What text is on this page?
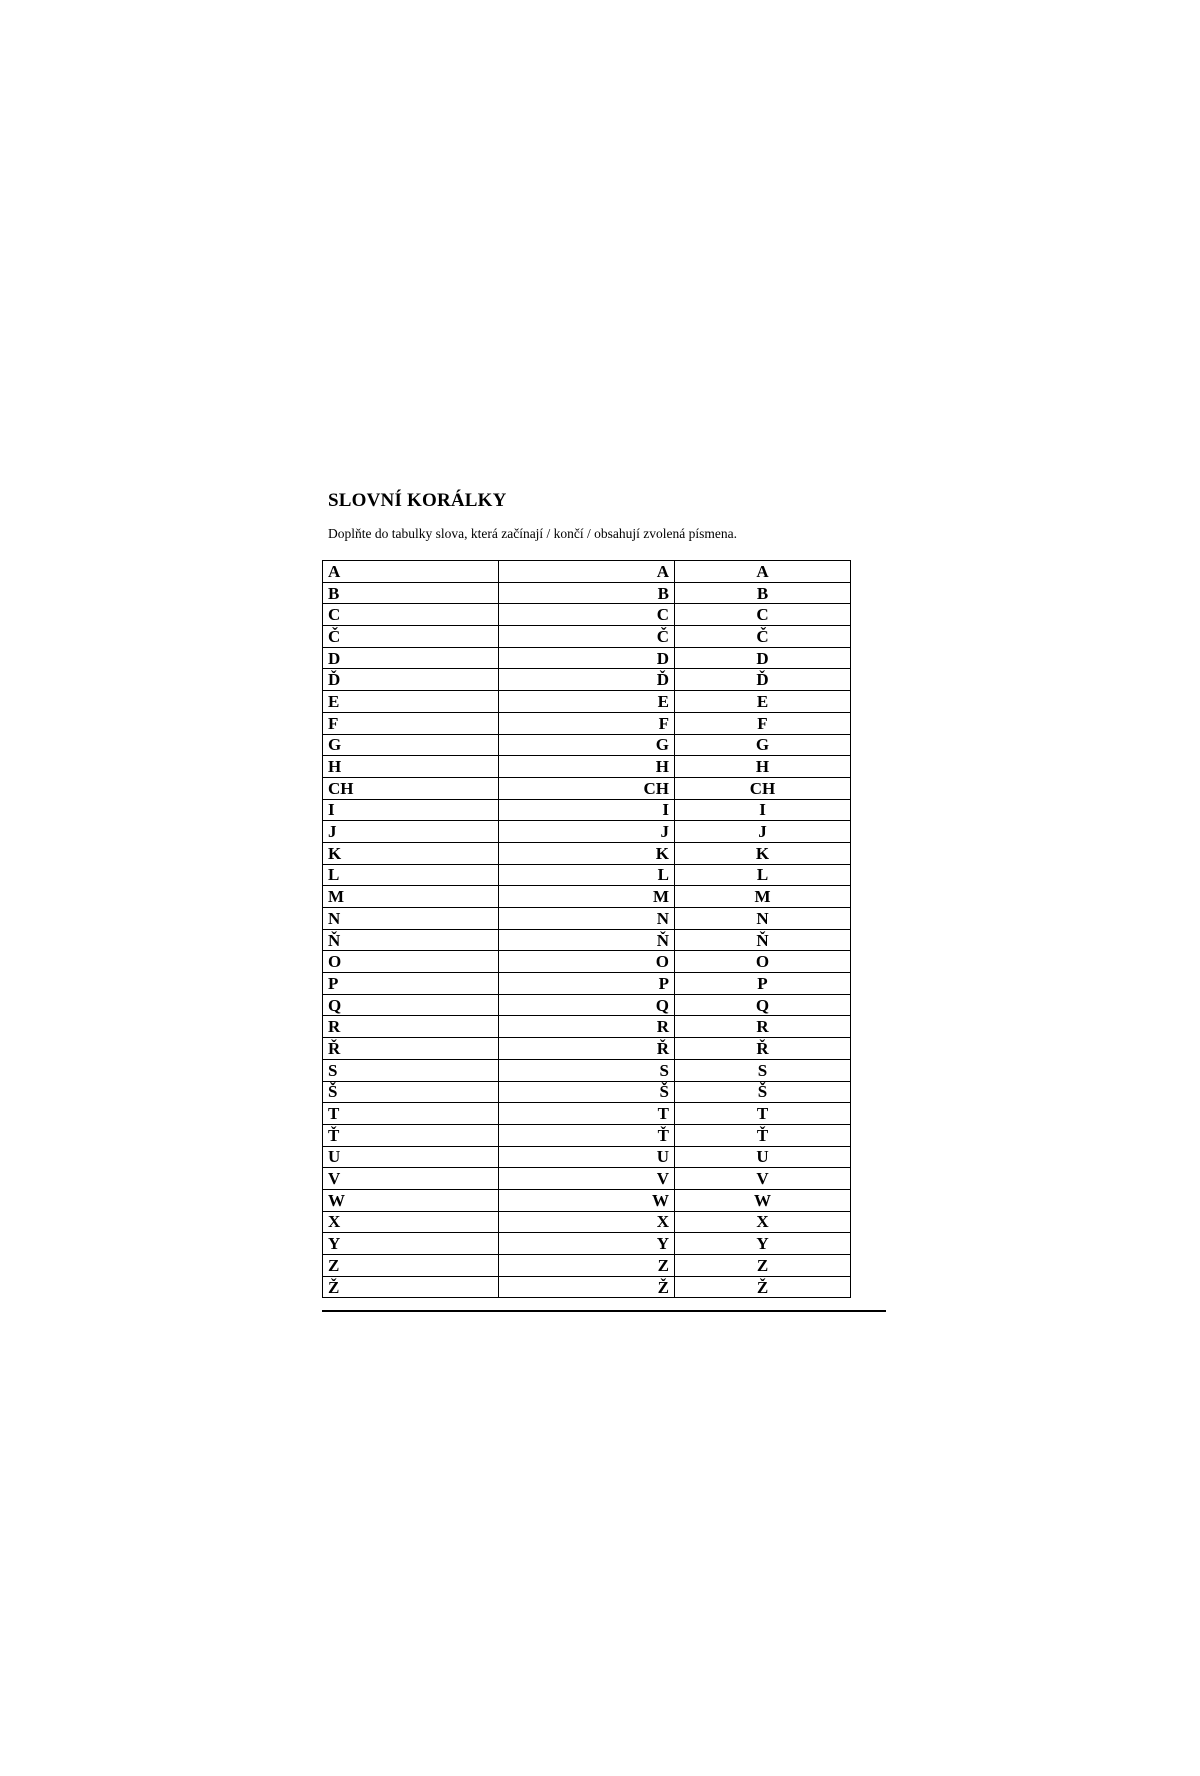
SLOVNÍ KORÁLKY
Doplňte do tabulky slova, která začínají / končí / obsahují zvolená písmena.
A	A	A
B	B	B
C	C	C
Č	Č	Č
D	D	D
Ď	Ď	Ď
E	E	E
F	F	F
G	G	G
H	H	H
CH	CH	CH
I	I	I
J	J	J
K	K	K
L	L	L
M	M	M
N	N	N
Ň	Ň	Ň
O	O	O
P	P	P
Q	Q	Q
R	R	R
Ř	Ř	Ř
S	S	S
Š	Š	Š
T	T	T
Ť	Ť	Ť
U	U	U
V	V	V
W	W	W
X	X	X
Y	Y	Y
Z	Z	Z
Ž	Ž	Ž
